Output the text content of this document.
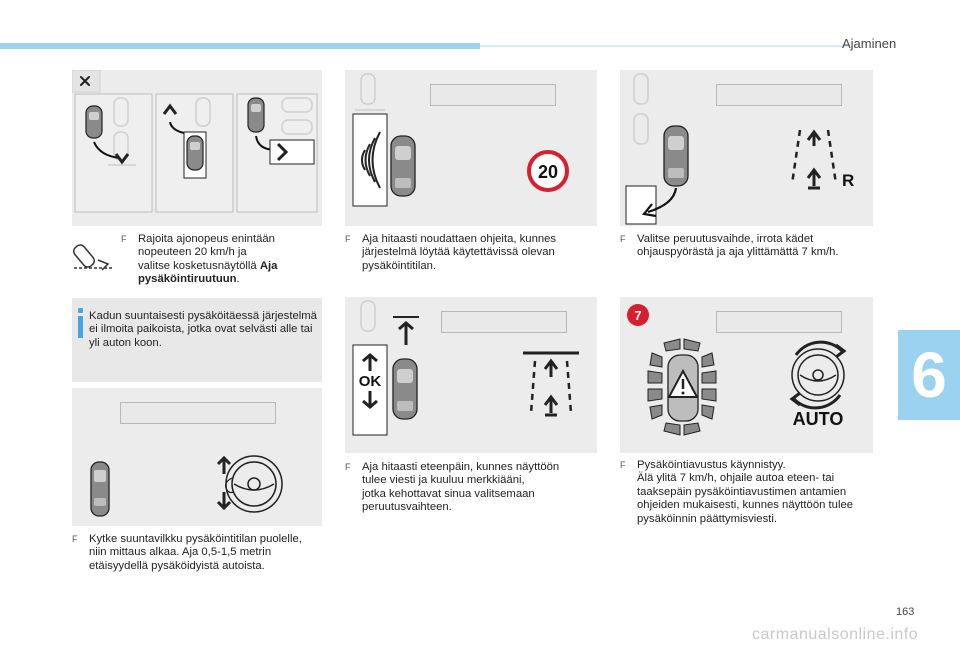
Ajaminen
6
F	Rajoita ajonopeus enintään
nopeuteen 20 km/h ja
valitse kosketusnäytöllä Aja
pysäköintiruutuun.
Kadun suuntaisesti pysäköitäessä järjestelmä ei ilmoita paikoista, jotka ovat selvästi alle tai yli auton koon.
F	Kytke suuntavilkku pysäköintitilan puolelle,
niin mittaus alkaa. Aja 0,5-1,5 metrin
etäisyydellä pysäköidyistä autoista.
20
F	Aja hitaasti noudattaen ohjeita, kunnes
järjestelmä löytää käytettävissä olevan
pysäköintitilan.
OK
F	Aja hitaasti eteenpäin, kunnes näyttöön
tulee viesti ja kuuluu merkkiääni,
jotka kehottavat sinua valitsemaan
peruutusvaihteen.
R
F	Valitse peruutusvaihde, irrota kädet
ohjauspyörästä ja aja ylittämättä 7 km/h.
7
AUTO
F	Pysäköintiavustus käynnistyy.
Älä ylitä 7 km/h, ohjaile autoa eteen- tai
taaksepäin pysäköintiavustimen antamien
ohjeiden mukaisesti, kunnes näyttöön tulee
pysäköinnin päättymisviesti.
163
carmanualsonline.info
